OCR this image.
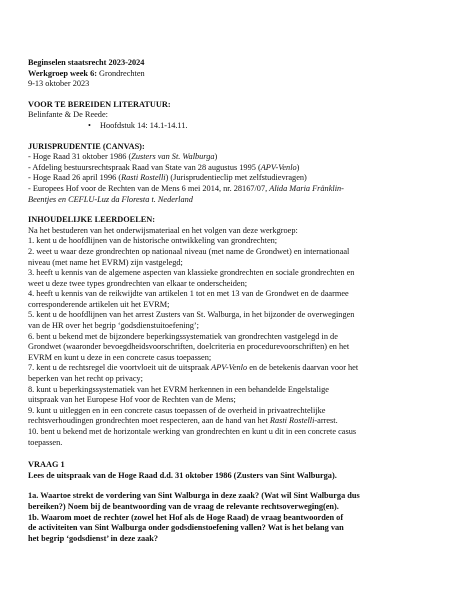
Beginselen staatsrecht 2023-2024
Werkgroep week 6: Grondrechten
9-13 oktober 2023
VOOR TE BEREIDEN LITERATUUR:
Belinfante & De Reede:
• Hoofdstuk 14: 14.1-14.11.
JURISPRUDENTIE (CANVAS):
- Hoge Raad 31 oktober 1986 (Zusters van St. Walburga)
- Afdeling bestuursrechtspraak Raad van State van 28 augustus 1995 (APV-Venlo)
- Hoge Raad 26 april 1996 (Rasti Rostelli) (Jurisprudentieclip met zelfstudievragen)
- Europees Hof voor de Rechten van de Mens 6 mei 2014, nr. 28167/07, Alida Maria Fränklin-
Beentjes en CEFLU-Luz da Floresta t. Nederland
INHOUDELIJKE LEERDOELEN:
Na het bestuderen van het onderwijsmateriaal en het volgen van deze werkgroep:
1. kent u de hoofdlijnen van de historische ontwikkeling van grondrechten;
2. weet u waar deze grondrechten op nationaal niveau (met name de Grondwet) en internationaal
niveau (met name het EVRM) zijn vastgelegd;
3. heeft u kennis van de algemene aspecten van klassieke grondrechten en sociale grondrechten en
weet u deze twee types grondrechten van elkaar te onderscheiden;
4. heeft u kennis van de reikwijdte van artikelen 1 tot en met 13 van de Grondwet en de daarmee
corresponderende artikelen uit het EVRM;
5. kent u de hoofdlijnen van het arrest Zusters van St. Walburga, in het bijzonder de overwegingen
van de HR over het begrip ‘godsdienstuitoefening’;
6. bent u bekend met de bijzondere beperkingssystematiek van grondrechten vastgelegd in de
Grondwet (waaronder bevoegdheidsvoorschriften, doelcriteria en procedurevoorschriften) en het
EVRM en kunt u deze in een concrete casus toepassen;
7. kent u de rechtsregel die voortvloeit uit de uitspraak APV-Venlo en de betekenis daarvan voor het
beperken van het recht op privacy;
8. kunt u beperkingssystematiek van het EVRM herkennen in een behandelde Engelstalige
uitspraak van het Europese Hof voor de Rechten van de Mens;
9. kunt u uitleggen en in een concrete casus toepassen of de overheid in privaatrechtelijke
rechtsverhoudingen grondrechten moet respecteren, aan de hand van het Rasti Rostelli-arrest.
10. bent u bekend met de horizontale werking van grondrechten en kunt u dit in een concrete casus
toepassen.
VRAAG 1
Lees de uitspraak van de Hoge Raad d.d. 31 oktober 1986 (Zusters van Sint Walburga).
1a. Waartoe strekt de vordering van Sint Walburga in deze zaak? (Wat wil Sint Walburga dus
bereiken?) Noem bij de beantwoording van de vraag de relevante rechtsoverweging(en).
1b. Waarom moet de rechter (zowel het Hof als de Hoge Raad) de vraag beantwoorden of
de activiteiten van Sint Walburga onder godsdienstoefening vallen? Wat is het belang van
het begrip ‘godsdienst’ in deze zaak?
